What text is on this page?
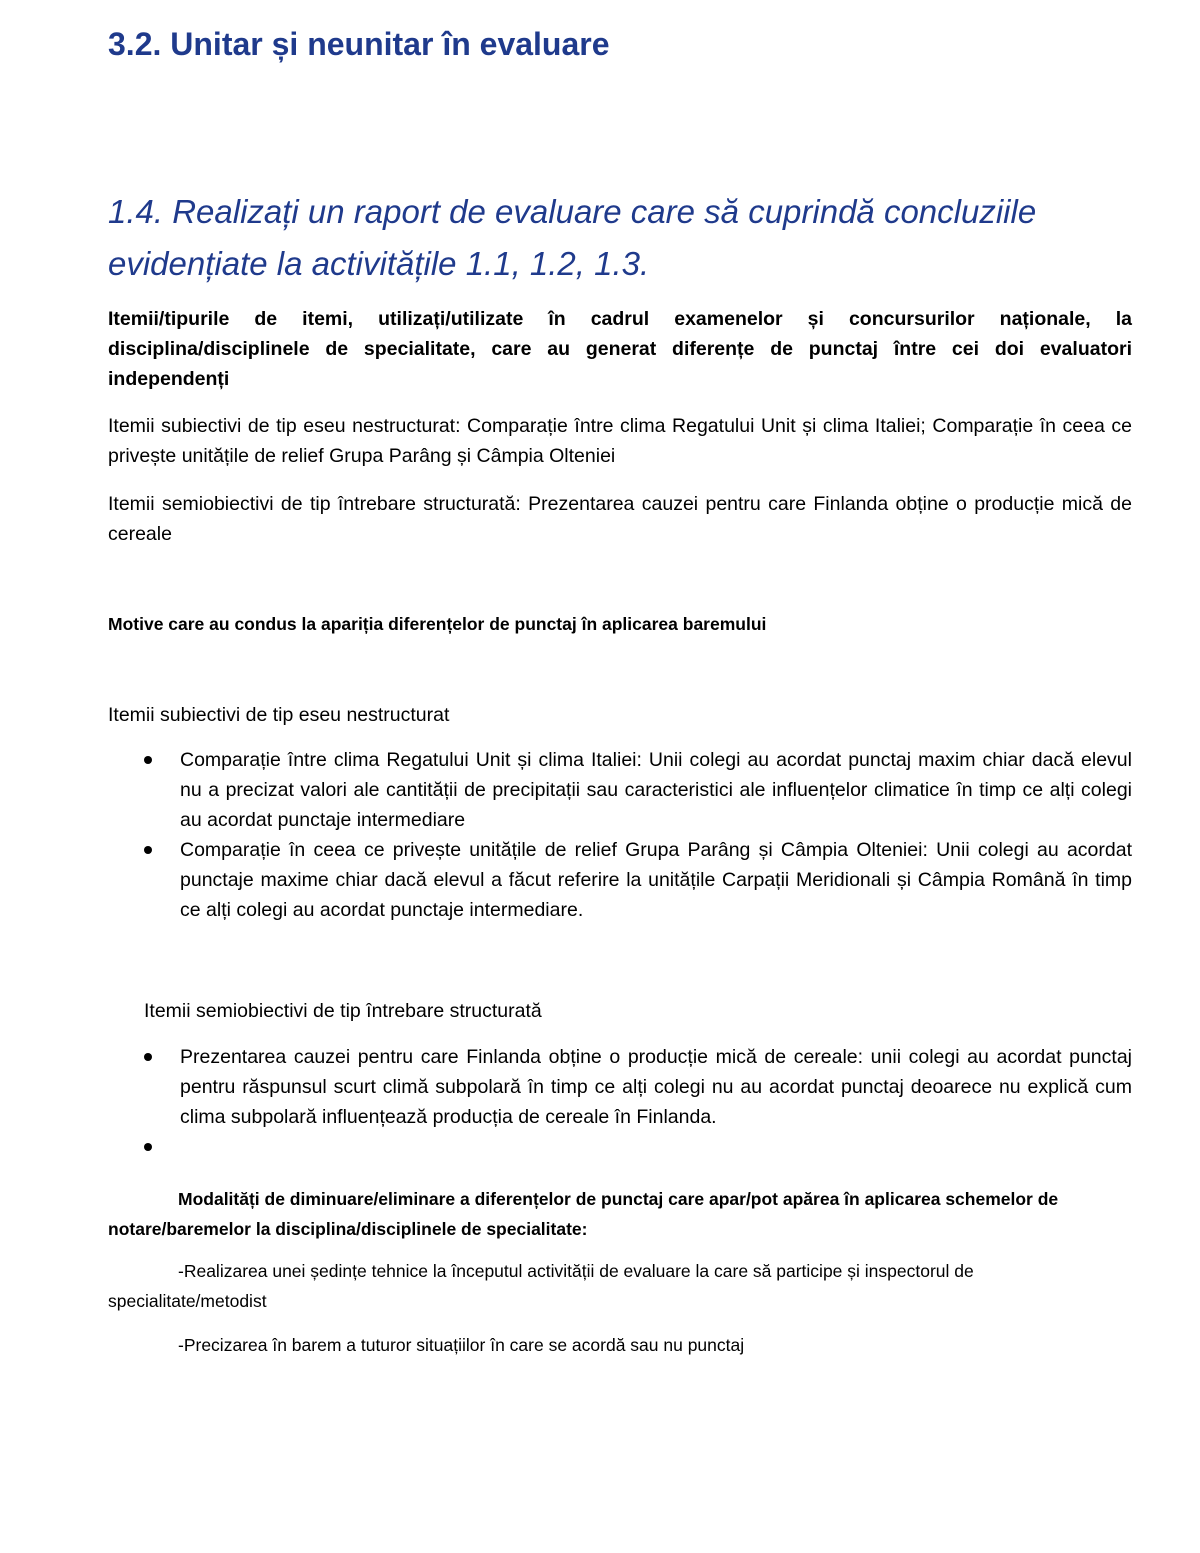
3.2. Unitar și neunitar în evaluare
1.4. Realizați un raport de evaluare care să cuprindă concluziile evidențiate la activitățile 1.1, 1.2, 1.3.
Itemii/tipurile de itemi, utilizați/utilizate în cadrul examenelor și concursurilor naționale, la disciplina/disciplinele de specialitate, care au generat diferențe de punctaj între cei doi evaluatori independenți
Itemii subiectivi de tip eseu nestructurat: Comparație între clima Regatului Unit și clima Italiei; Comparație în ceea ce privește unitățile de relief Grupa Parâng și Câmpia Olteniei
Itemii semiobiectivi de tip întrebare structurată: Prezentarea cauzei pentru care Finlanda obține o producție mică de cereale
Motive care au condus la apariția diferențelor de punctaj în aplicarea baremului
Itemii subiectivi de tip eseu nestructurat
Comparație între clima Regatului Unit și clima Italiei: Unii colegi au acordat punctaj maxim chiar dacă elevul nu a precizat valori ale cantității de precipitații sau caracteristici ale influențelor climatice în timp ce alți colegi au acordat punctaje intermediare
Comparație în ceea ce privește unitățile de relief Grupa Parâng și Câmpia Olteniei: Unii colegi au acordat punctaje maxime chiar dacă elevul a făcut referire la unitățile Carpații Meridionali și Câmpia Română în timp ce alți colegi au acordat punctaje intermediare.
Itemii semiobiectivi de tip întrebare structurată
Prezentarea cauzei pentru care Finlanda obține o producție mică de cereale: unii colegi au acordat punctaj pentru răspunsul scurt climă subpolară în timp ce alți colegi nu au acordat punctaj deoarece nu explică cum clima subpolară influențează producția de cereale în Finlanda.
Modalități de diminuare/eliminare a diferențelor de punctaj care apar/pot apărea în aplicarea schemelor de notare/baremelor la disciplina/disciplinele de specialitate:
-Realizarea unei ședințe tehnice la începutul activității de evaluare la care să participe și inspectorul de specialitate/metodist
-Precizarea în barem a tuturor situațiilor în care se acordă sau nu punctaj
